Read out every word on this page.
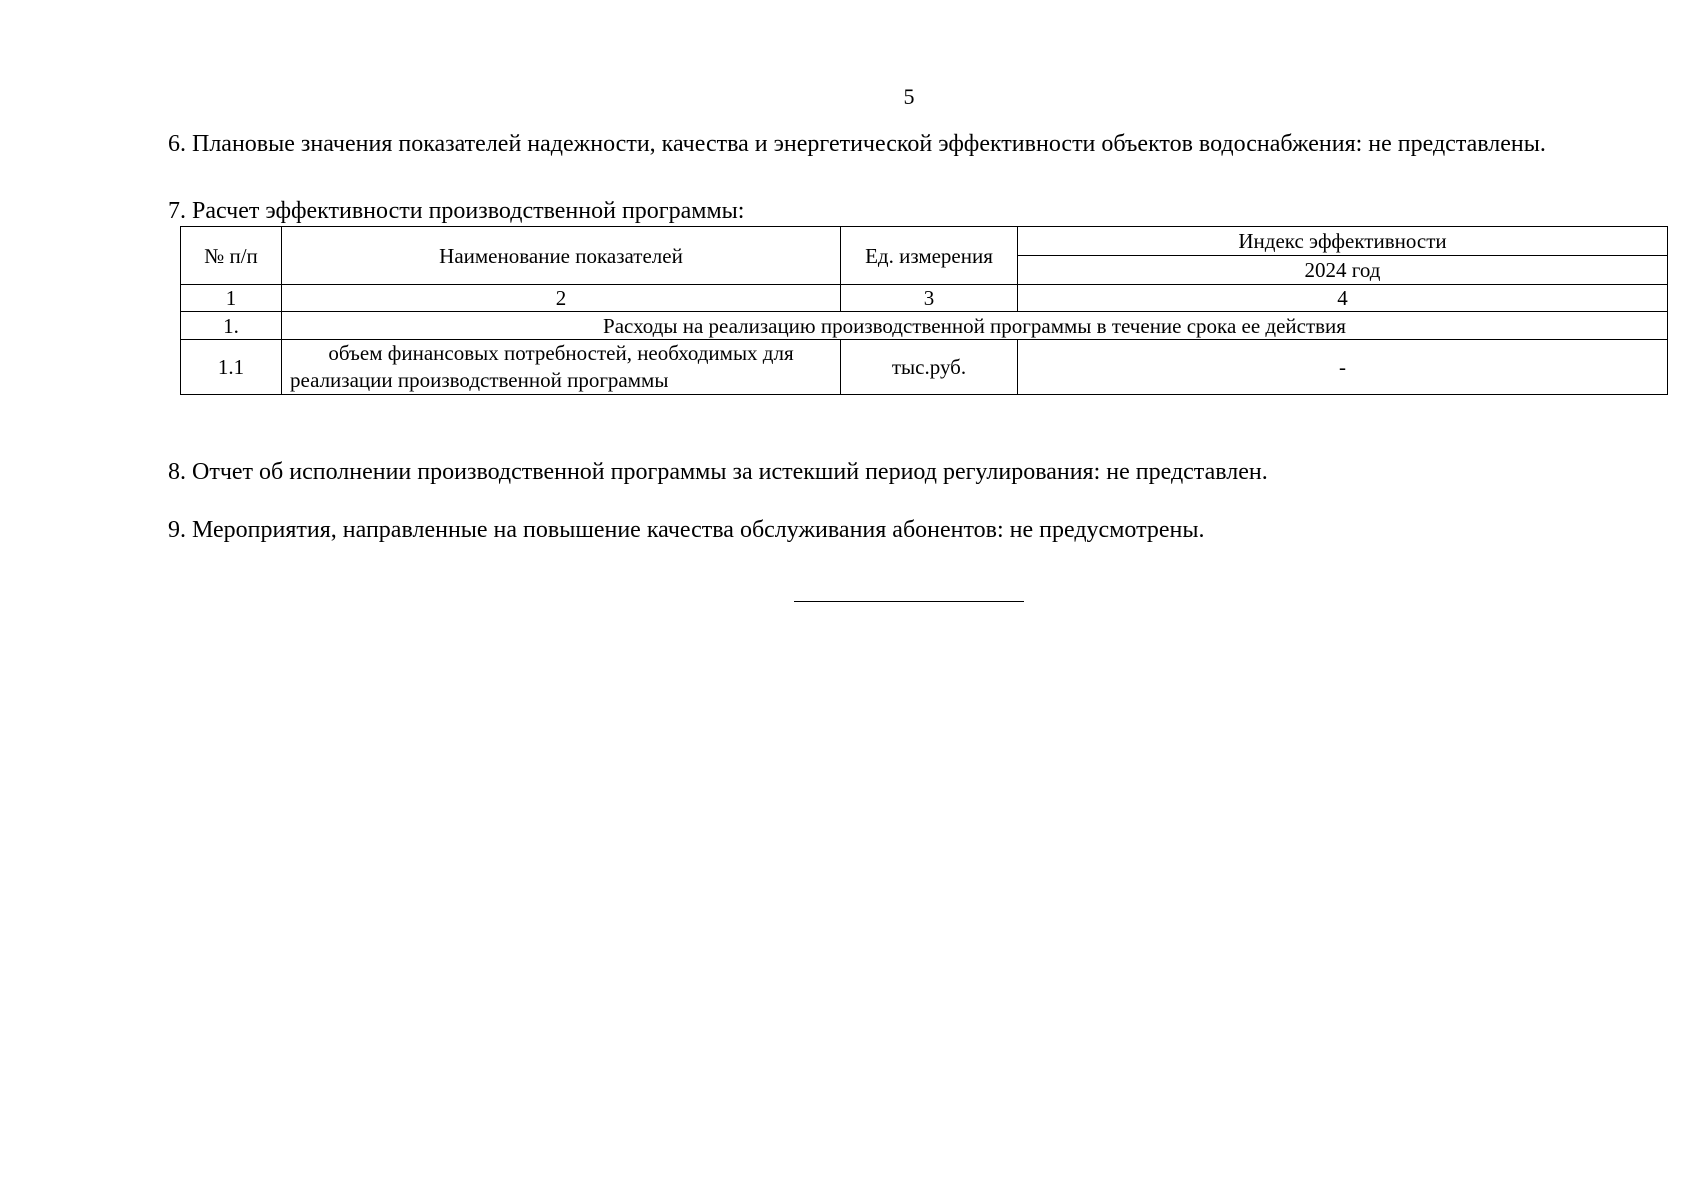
5
6. Плановые значения показателей надежности, качества и энергетической эффективности объектов водоснабжения: не представлены.
7. Расчет эффективности производственной программы:
№ п/п	Наименование показателей	Ед. измерения	Индекс эффективности
			2024 год
1	2	3	4
1.	Расходы на реализацию производственной программы в течение срока ее действия		
1.1	объем финансовых потребностей, необходимых для реализации производственной программы	тыс.руб.	-
8. Отчет об исполнении производственной программы за истекший период регулирования: не представлен.
9. Мероприятия, направленные на повышение качества обслуживания абонентов: не предусмотрены.
